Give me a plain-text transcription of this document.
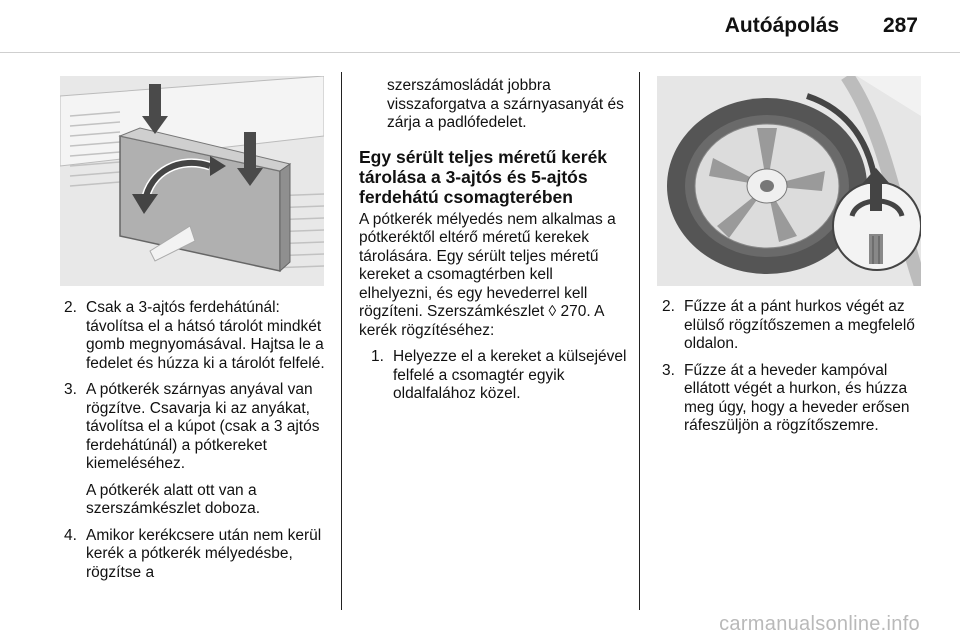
Autóápolás 287
2. Csak a 3-ajtós ferdehátúnál: távolítsa el a hátsó tárolót mindkét gomb megnyomásával. Hajtsa le a fedelet és húzza ki a tárolót felfelé.
3. A pótkerék szárnyas anyával van rögzítve. Csavarja ki az anyákat, távolítsa el a kúpot (csak a 3 ajtós ferdehátúnál) a pótkereket kiemeléséhez.
A pótkerék alatt ott van a szerszámkészlet doboza.
4. Amikor kerékcsere után nem kerül kerék a pótkerék mélyedésbe, rögzítse a
szerszámosládát jobbra visszaforgatva a szárnyasanyát és zárja a padlófedelet.
Egy sérült teljes méretű kerék tárolása a 3-ajtós és 5-ajtós ferdehátú csomagterében
A pótkerék mélyedés nem alkalmas a pótkeréktől eltérő méretű kerekek tárolására. Egy sérült teljes méretű kereket a csomagtérben kell elhelyezni, és egy hevederrel kell rögzíteni. Szerszámkészlet ◊ 270. A kerék rögzítéséhez:
1. Helyezze el a kereket a külsejével felfelé a csomagtér egyik oldalfalához közel.
2. Fűzze át a pánt hurkos végét az elülső rögzítőszemen a megfelelő oldalon.
3. Fűzze át a heveder kampóval ellátott végét a hurkon, és húzza meg úgy, hogy a heveder erősen ráfeszüljön a rögzítőszemre.
carmanualsonline.info
